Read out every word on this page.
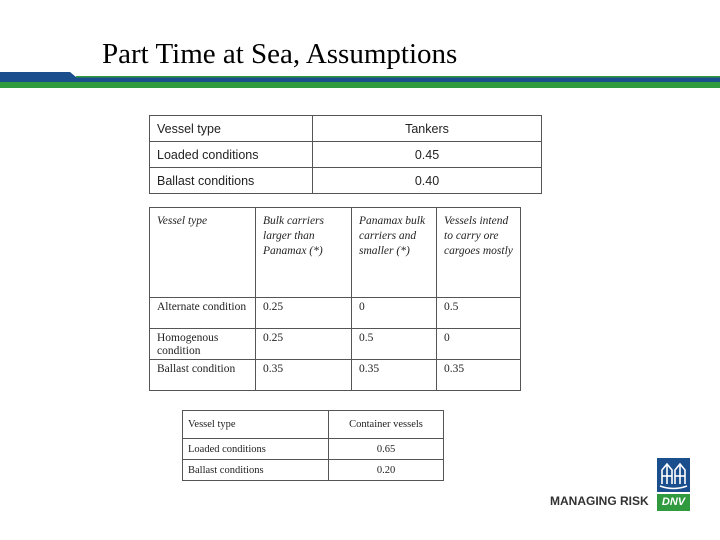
Part Time at Sea, Assumptions
Vessel type	Tankers
Loaded conditions	0.45
Ballast conditions	0.40
Vessel type	Bulk carriers larger than Panamax (*)	Panamax bulk carriers and smaller (*)	Vessels intend to carry ore cargoes mostly
Alternate condition	0.25	0	0.5
Homogenous condition	0.25	0.5	0
Ballast condition	0.35	0.35	0.35
Vessel type	Container vessels
Loaded conditions	0.65
Ballast conditions	0.20
MANAGING RISK	DNV
